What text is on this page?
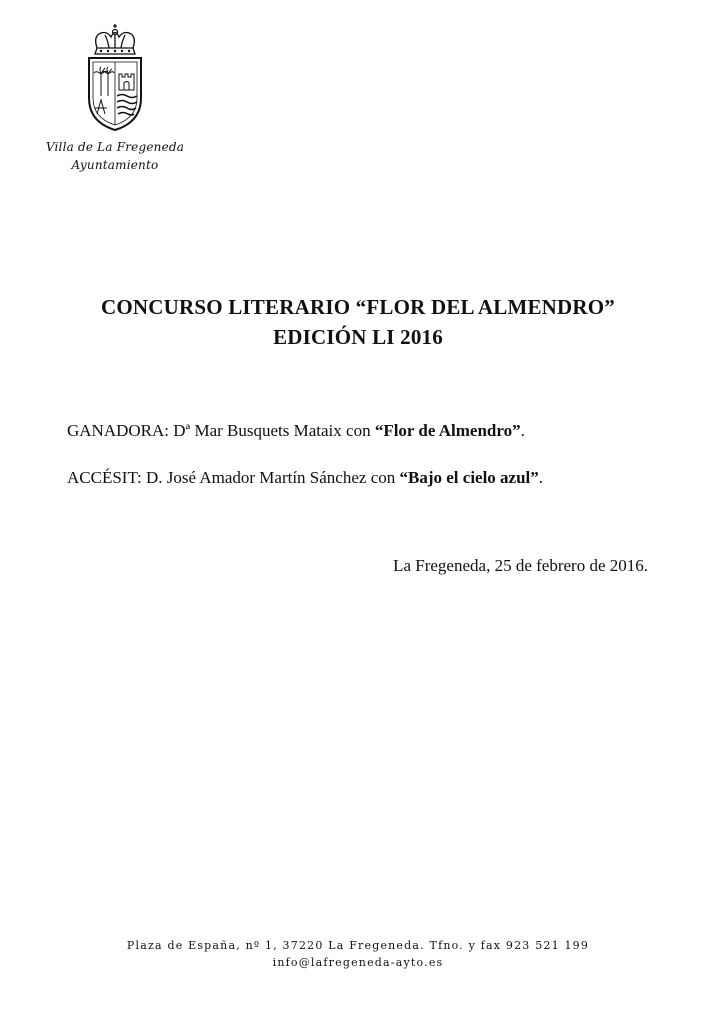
Villa de La Fregeneda
Ayuntamiento
CONCURSO LITERARIO “FLOR DEL ALMENDRO”
EDICIÓN LI 2016
GANADORA: Dª Mar Busquets Mataix con “Flor de Almendro”.
ACCÉSIT: D. José Amador Martín Sánchez con “Bajo el cielo azul”.
La Fregeneda, 25 de febrero de 2016.
Plaza de España, nº 1, 37220 La Fregeneda. Tfno. y fax 923 521 199
info@lafregeneda-ayto.es
